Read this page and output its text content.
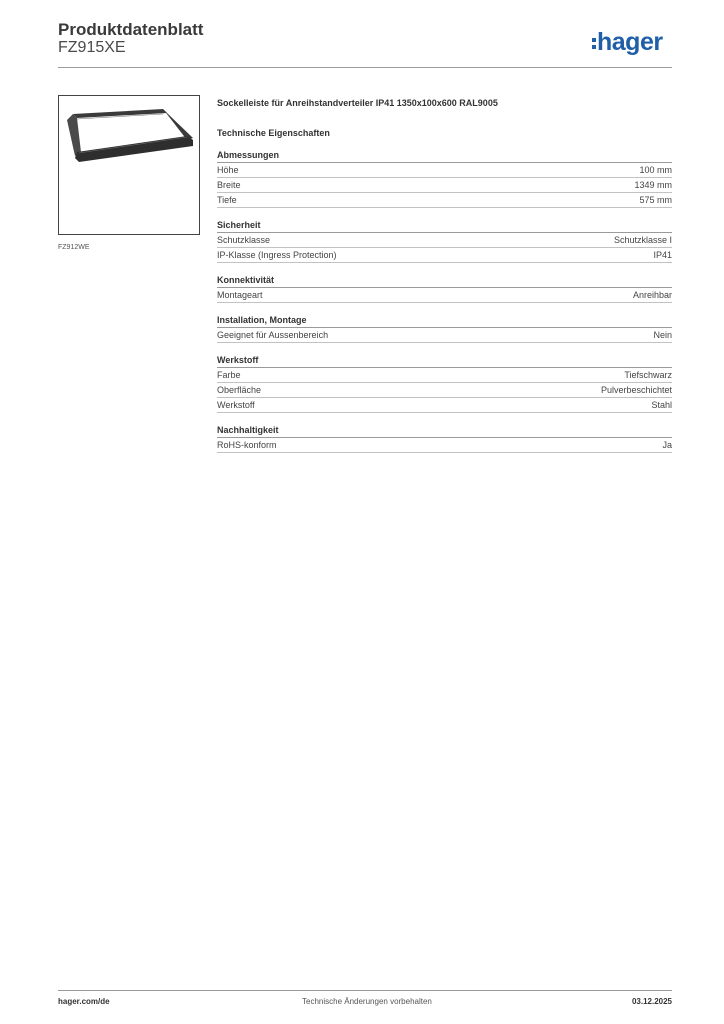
Produktdatenblatt
FZ915XE	hager
FZ912WE
Sockelleiste für Anreihstandverteiler IP41 1350x100x600 RAL9005
Technische Eigenschaften
Abmessungen
Höhe	100 mm
Breite	1349 mm
Tiefe	575 mm
Sicherheit
Schutzklasse	Schutzklasse I
IP-Klasse (Ingress Protection)	IP41
Konnektivität
Montageart	Anreihbar
Installation, Montage
Geeignet für Aussenbereich	Nein
Werkstoff
Farbe	Tiefschwarz
Oberfläche	Pulverbeschichtet
Werkstoff	Stahl
Nachhaltigkeit
RoHS-konform	Ja
hager.com/de	Technische Änderungen vorbehalten	03.12.2025
